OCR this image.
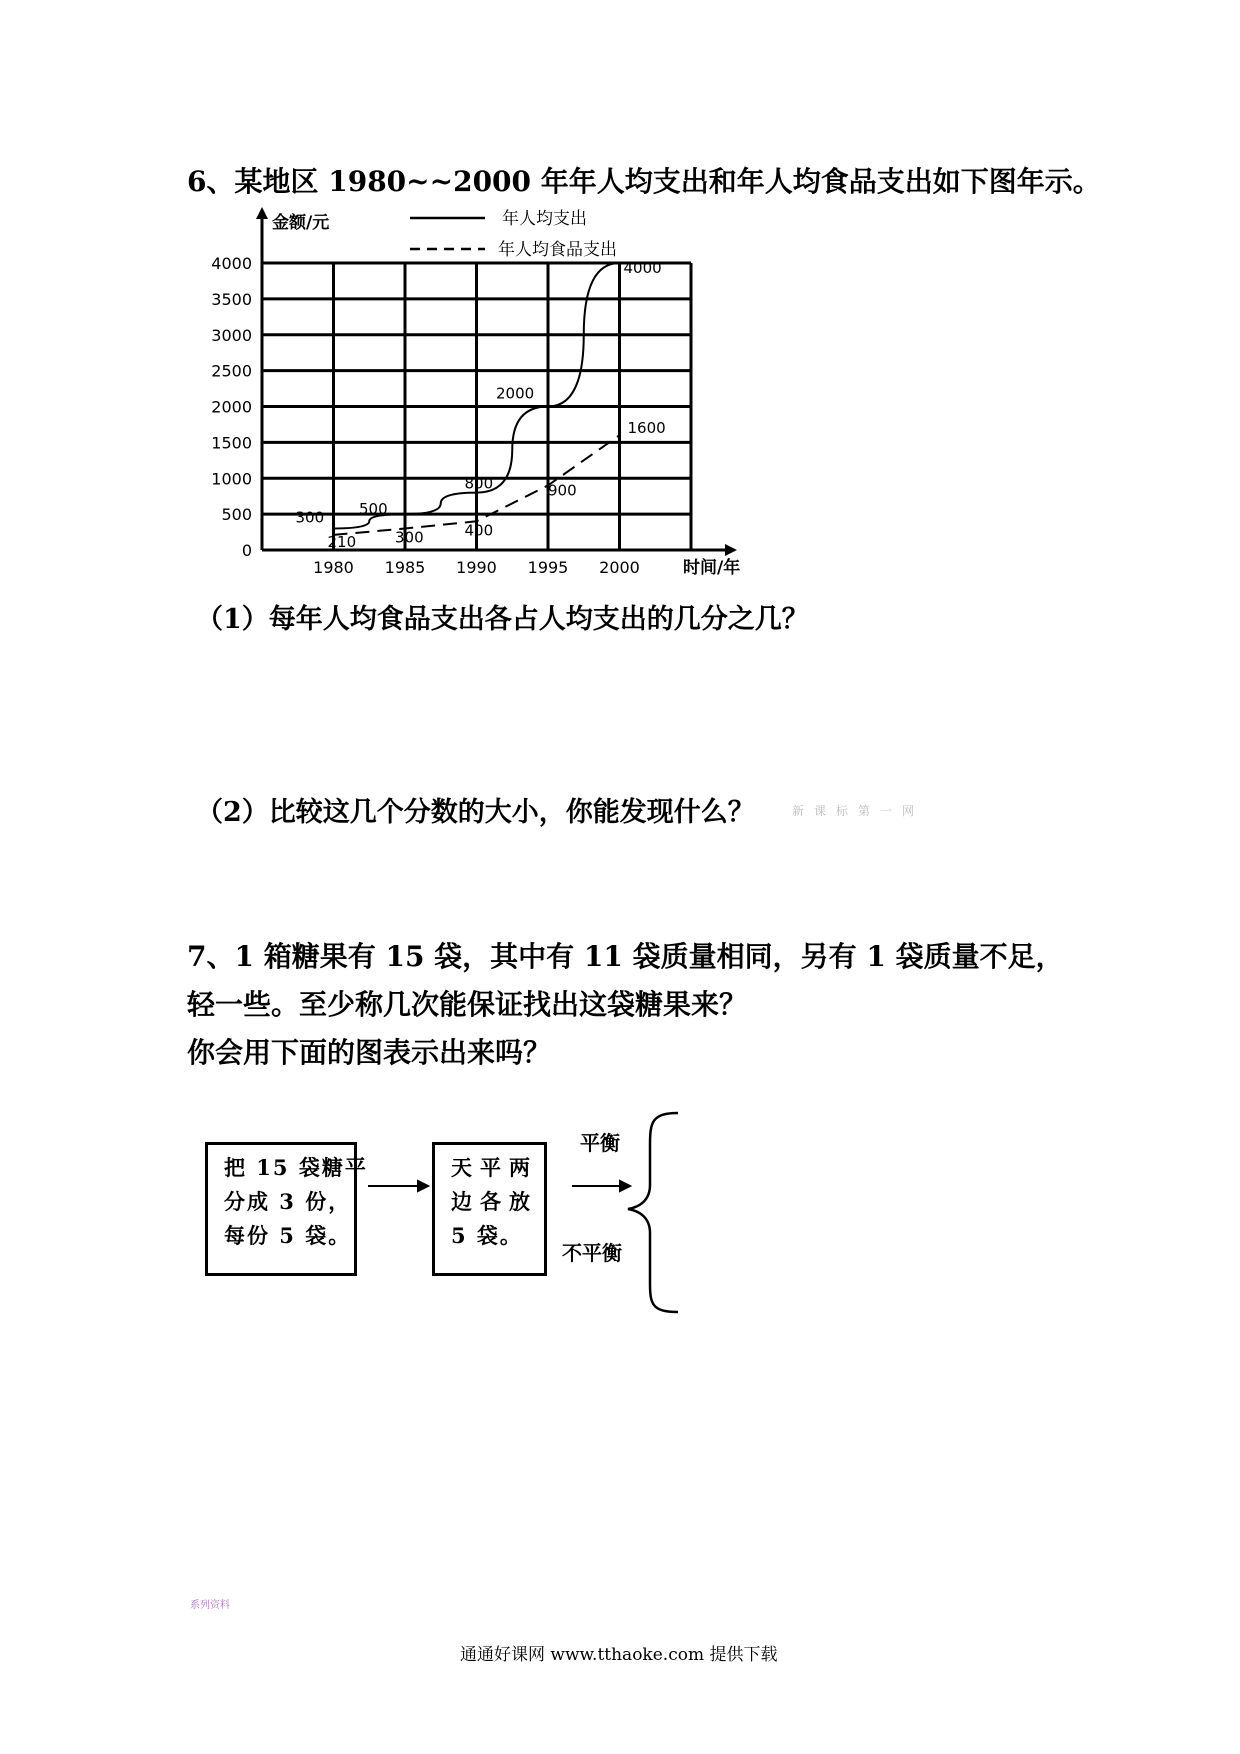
6、某地区 1980~~2000 年年人均支出和年人均食品支出如下图年示。
0
500
1000
1500
2000
2500
3000
3500
4000
1980 1985 1990 1995 2000
金额/元
时间/年
300 500
800
2000
4000
210	300	400
900
1600
年人均支出
年人均食品支出
（1）每年人均食品支出各占人均支出的几分之几？
（2）比较这几个分数的大小，你能发现什么？	新课标第一网
7、1 箱糖果有 15 袋，其中有 11 袋质量相同，另有 1 袋质量不足，
轻一些。至少称几次能保证找出这袋糖果来？
你会用下面的图表示出来吗？
把 15 袋糖平
分成 3 份，
每份 5 袋。
天平两
边各放
5 袋。
平衡
不平衡
系列资料
通通好课网 www.tthaoke.com 提供下载
